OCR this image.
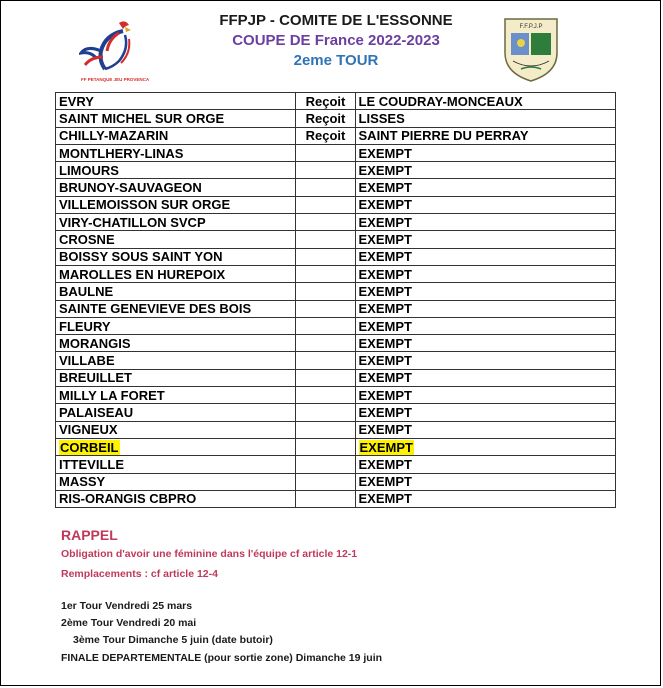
FF PETANQUE JEU PROVENCAL
FFPJP - COMITE DE L'ESSONNE
COUPE DE France 2022-2023
2eme TOUR
F.F.P.J.P
EVRY	Reçoit	LE COUDRAY-MONCEAUX
SAINT MICHEL SUR ORGE	Reçoit	LISSES
CHILLY-MAZARIN	Reçoit	SAINT PIERRE DU PERRAY
MONTLHERY-LINAS		EXEMPT
LIMOURS		EXEMPT
BRUNOY-SAUVAGEON		EXEMPT
VILLEMOISSON SUR ORGE		EXEMPT
VIRY-CHATILLON SVCP		EXEMPT
CROSNE		EXEMPT
BOISSY SOUS SAINT YON		EXEMPT
MAROLLES EN HUREPOIX		EXEMPT
BAULNE		EXEMPT
SAINTE GENEVIEVE DES BOIS		EXEMPT
FLEURY		EXEMPT
MORANGIS		EXEMPT
VILLABE		EXEMPT
BREUILLET		EXEMPT
MILLY LA FORET		EXEMPT
PALAISEAU		EXEMPT
VIGNEUX		EXEMPT
CORBEIL		EXEMPT
ITTEVILLE		EXEMPT
MASSY		EXEMPT
RIS-ORANGIS CBPRO		EXEMPT
RAPPEL
Obligation d'avoir une féminine dans l'équipe cf article 12-1
Remplacements : cf article 12-4
1er Tour Vendredi 25 mars
2ème Tour Vendredi 20 mai
3ème Tour Dimanche 5 juin (date butoir)
FINALE DEPARTEMENTALE (pour sortie zone) Dimanche 19 juin
